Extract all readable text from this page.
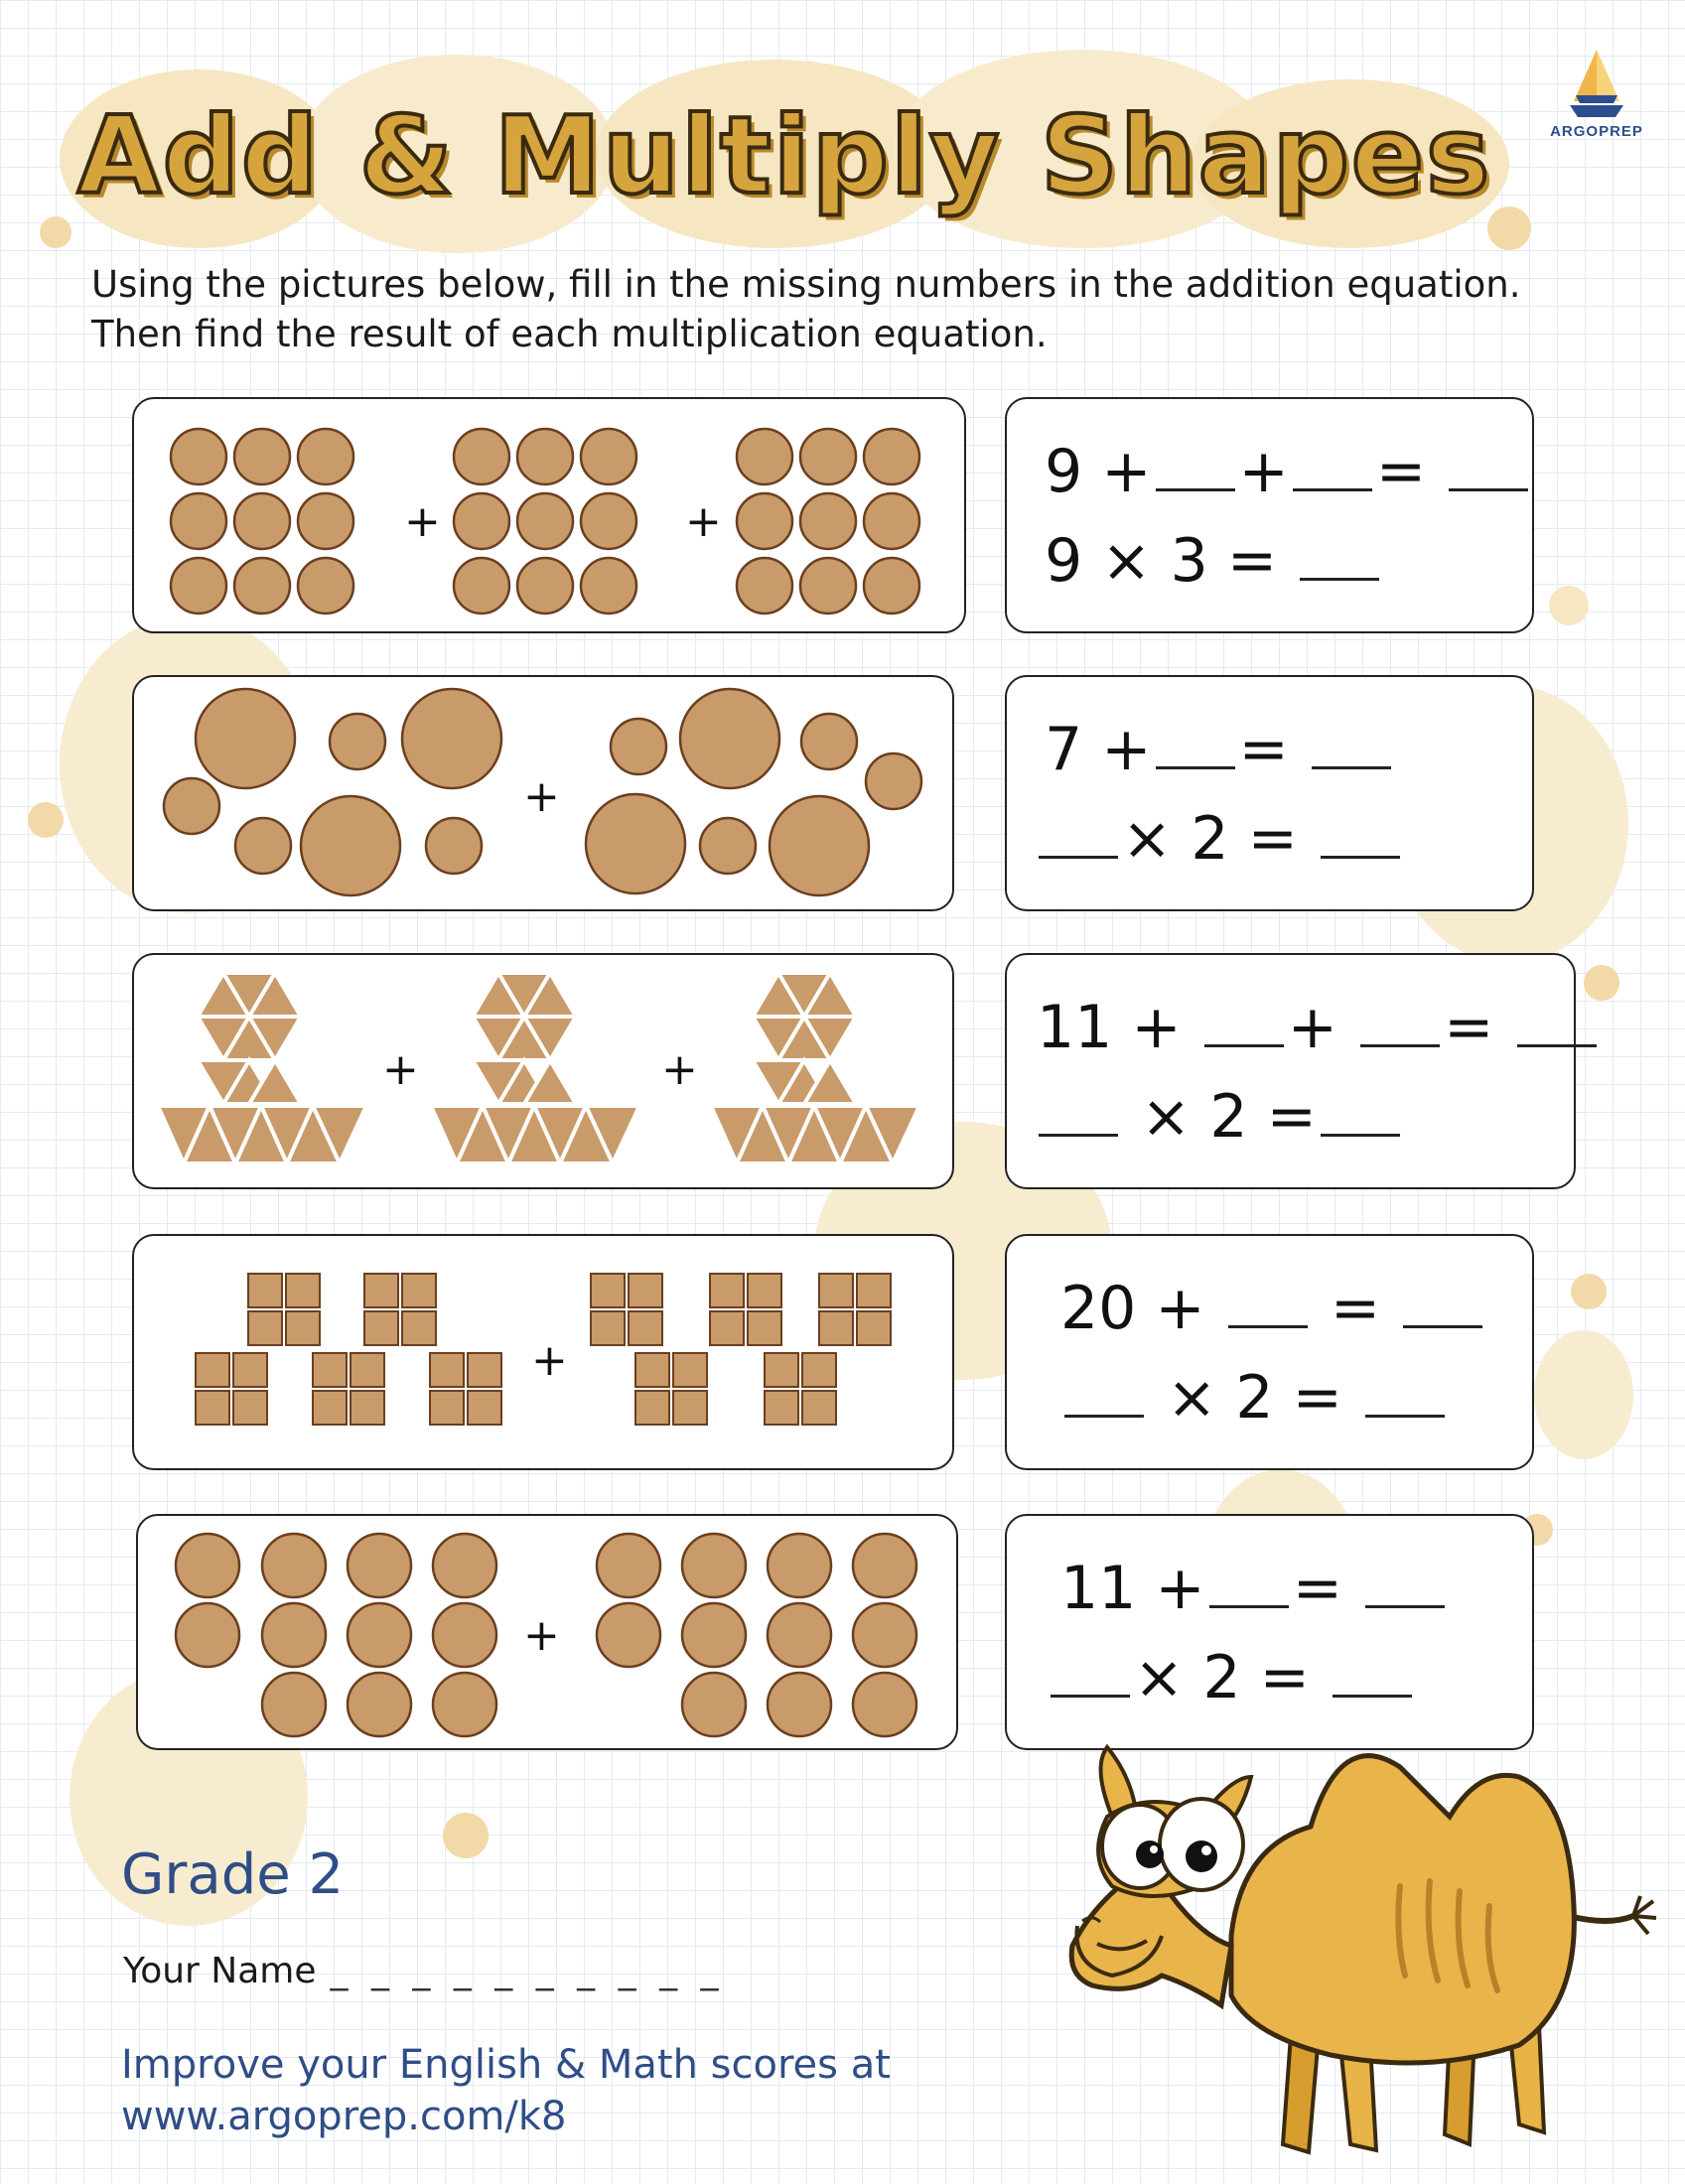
Add & Multiply Shapes	ARGOPREP
Using the pictures below, fill in the missing numbers in the addition equation.
Then find the result of each multiplication equation.
+	+
9 + + =
9 × 3 =
+
7 + =
× 2 =
+	+
11 + + =
× 2 =
+
20 + =
× 2 =
+
11 + =
× 2 =
Grade 2
Your Name _ _ _ _ _ _ _ _ _ _
Improve your English & Math scores at
www.argoprep.com/k8
